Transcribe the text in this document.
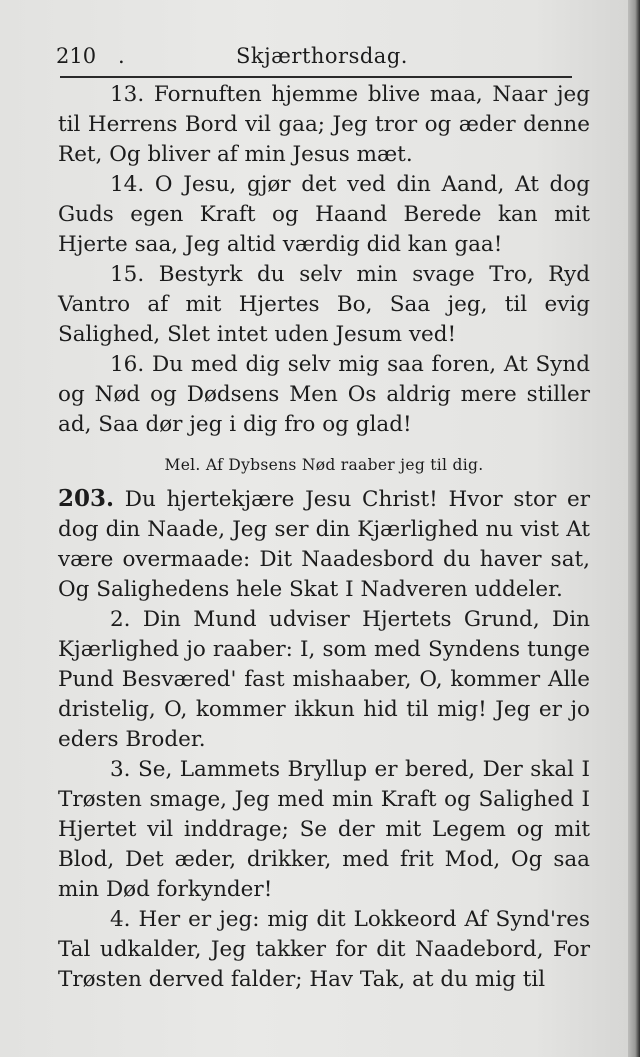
210 .	Skjærthorsdag.

13. Fornuften hjemme blive maa, Naar jeg til Herrens Bord vil gaa; Jeg tror og æder denne Ret, Og bliver af min Jesus mæt.

14. O Jesu, gjør det ved din Aand, At dog Guds egen Kraft og Haand Berede kan mit Hjerte saa, Jeg altid værdig did kan gaa!

15. Bestyrk du selv min svage Tro, Ryd Vantro af mit Hjertes Bo, Saa jeg, til evig Salighed, Slet intet uden Jesum ved!

16. Du med dig selv mig saa foren, At Synd og Nød og Dødsens Men Os aldrig mere stiller ad, Saa dør jeg i dig fro og glad!

Mel. Af Dybsens Nød raaber jeg til dig.

203. Du hjertekjære Jesu Christ! Hvor stor er dog din Naade, Jeg ser din Kjærlighed nu vist At være overmaade: Dit Naadesbord du haver sat, Og Salighedens hele Skat I Nadveren uddeler.

2. Din Mund udviser Hjertets Grund, Din Kjærlighed jo raaber: I, som med Syndens tunge Pund Besværed' fast mishaaber, O, kommer Alle dristelig, O, kommer ikkun hid til mig! Jeg er jo eders Broder.

3. Se, Lammets Bryllup er bered, Der skal I Trøsten smage, Jeg med min Kraft og Salighed I Hjertet vil inddrage; Se der mit Legem og mit Blod, Det æder, drikker, med frit Mod, Og saa min Død forkynder!

4. Her er jeg: mig dit Lokkeord Af Synd'res Tal udkalder, Jeg takker for dit Naadebord, For Trøsten derved falder; Hav Tak, at du mig til
